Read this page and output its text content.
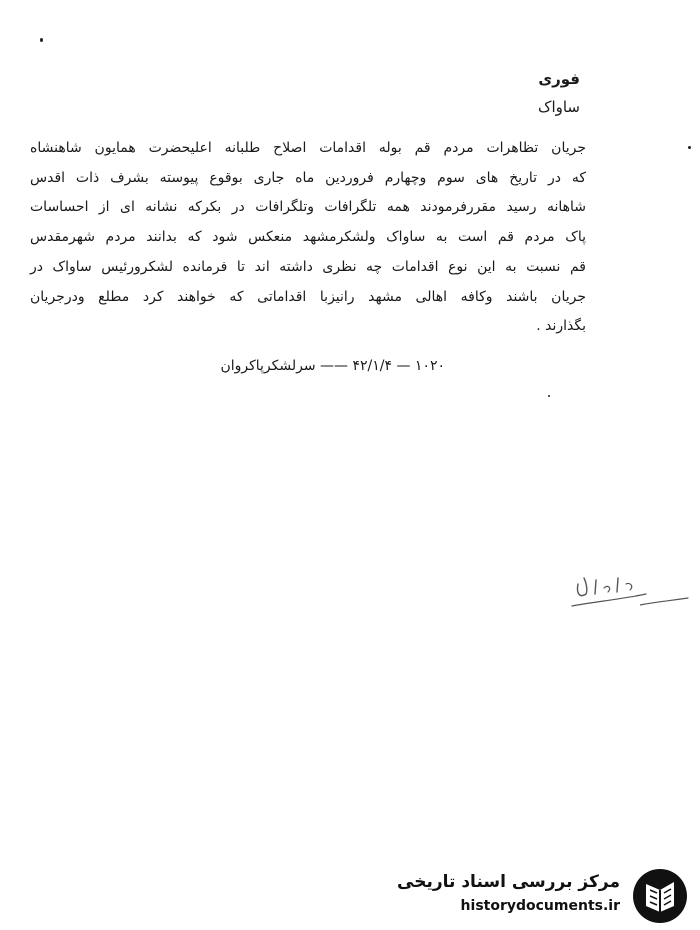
فوری
ساواک
جریان تظاهرات مردم قم بوله اقدامات اصلاح طلبانه اعلیحضرت همایون شاهنشاه
که در تاریخ های سوم وچهارم فروردین ماه جاری بوقوع پیوسته بشرف ذات اقدس
شاهانه رسید مقررفرمودند همه تلگرافات وتلگرافات در بکرکه نشانه ای از احساسات
پاک مردم قم است به ساواک ولشکرمشهد منعکس شود که بدانند مردم شهرمقدس
قم نسبت به این نوع اقدامات چه نظری داشته اند تا فرمانده لشکرورئیس ساواک در
جریان باشند وکافه اهالی مشهد رانیزبا اقداماتی که خواهند کرد مطلع ودرجریان
بگذارند .
۱۰۲۰ — ۴۲/۱/۴ —— سرلشکرپاکروان
مرکز بررسی اسناد تاریخی
historydocuments.ir
